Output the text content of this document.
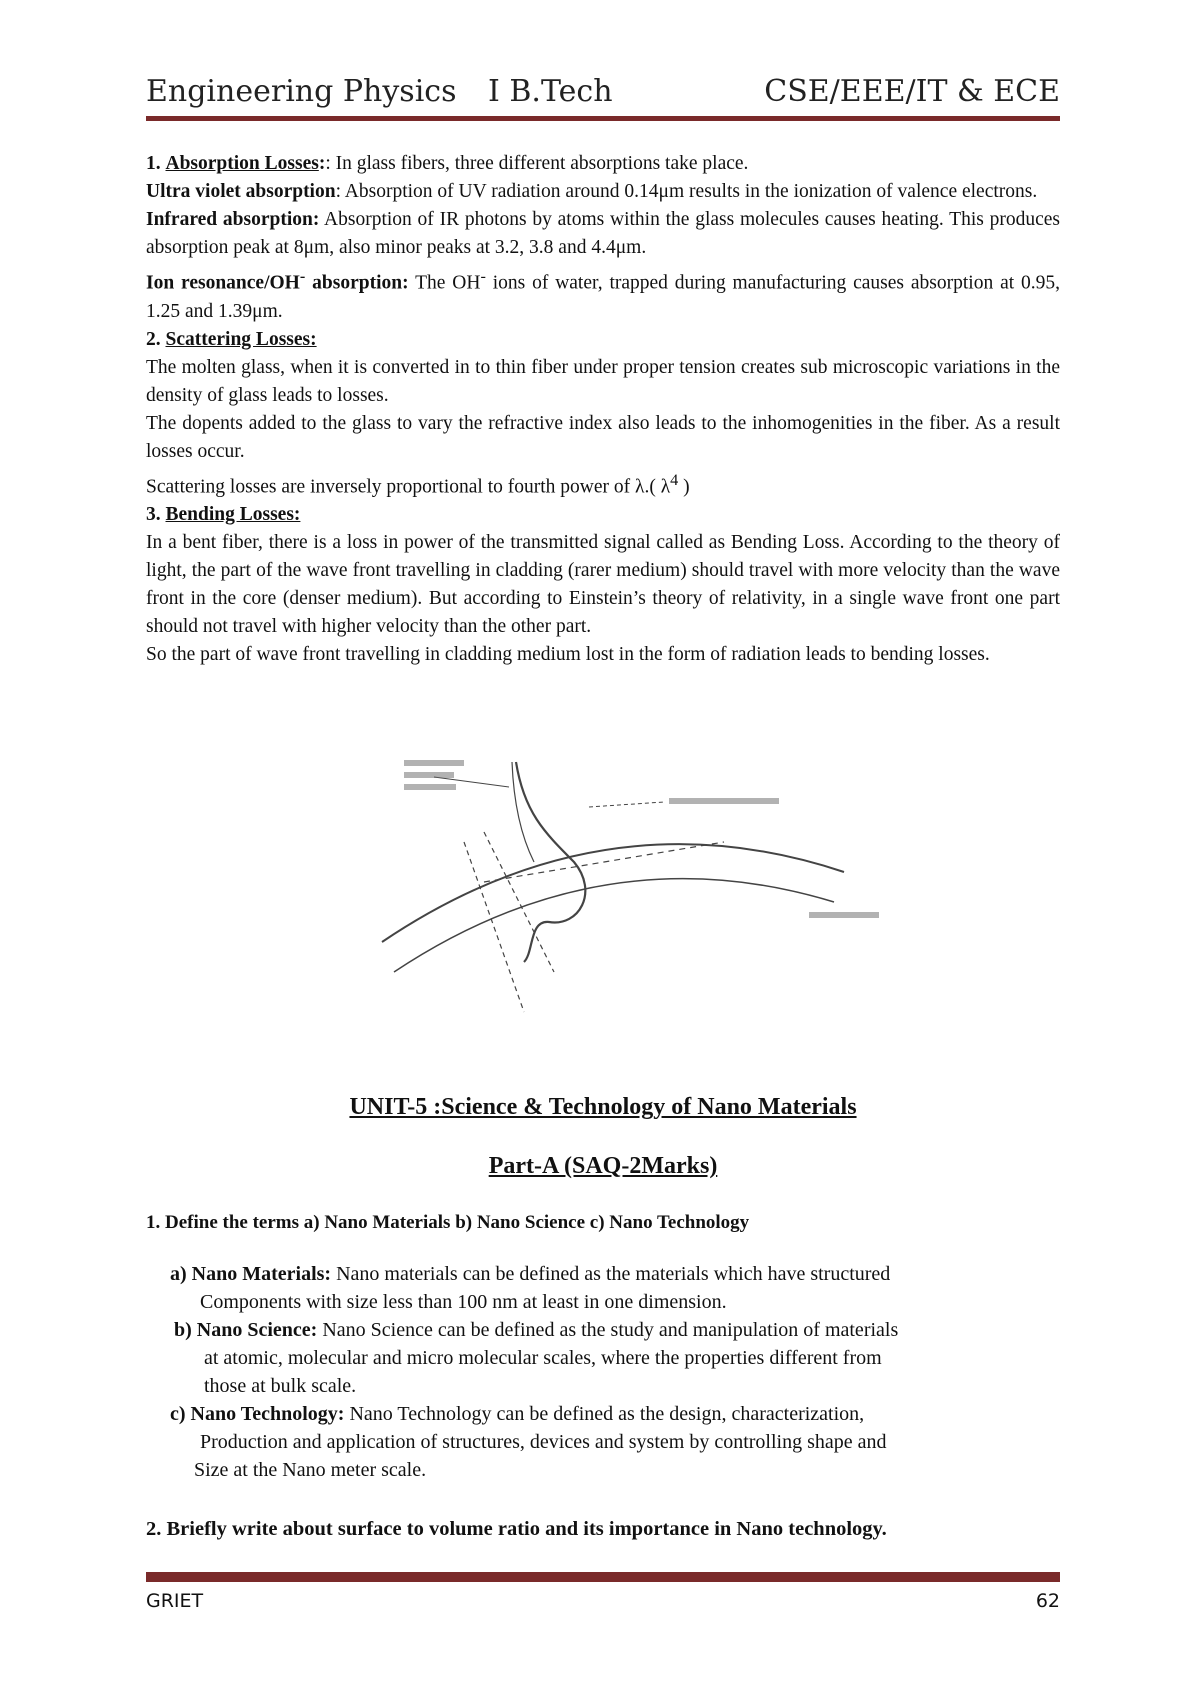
Engineering Physics I B.Tech	CSE/EEE/IT & ECE

1. Absorption Losses:: In glass fibers, three different absorptions take place.

Ultra violet absorption: Absorption of UV radiation around 0.14μm results in the ionization of valence electrons.

Infrared absorption: Absorption of IR photons by atoms within the glass molecules causes heating. This produces absorption peak at 8μm, also minor peaks at 3.2, 3.8 and 4.4μm.

Ion resonance/OH- absorption: The OH- ions of water, trapped during manufacturing causes absorption at 0.95, 1.25 and 1.39μm.

2. Scattering Losses:

The molten glass, when it is converted in to thin fiber under proper tension creates sub microscopic variations in the density of glass leads to losses.

The dopents added to the glass to vary the refractive index also leads to the inhomogenities in the fiber. As a result losses occur.

Scattering losses are inversely proportional to fourth power of λ.( $\lambda^4$ )

3. Bending Losses:

In a bent fiber, there is a loss in power of the transmitted signal called as Bending Loss. According to the theory of light, the part of the wave front travelling in cladding (rarer medium) should travel with more velocity than the wave front in the core (denser medium). But according to Einstein’s theory of relativity, in a single wave front one part should not travel with higher velocity than the other part.

So the part of wave front travelling in cladding medium lost in the form of radiation leads to bending losses.

UNIT-5 :Science & Technology of Nano Materials
Part-A (SAQ-2Marks)
1. Define the terms a) Nano Materials b) Nano Science c) Nano Technology

a) Nano Materials: Nano materials can be defined as the materials which have structured
Components with size less than 100 nm at least in one dimension.

b) Nano Science: Nano Science can be defined as the study and manipulation of materials
at atomic, molecular and micro molecular scales, where the properties different from
those at bulk scale.

c) Nano Technology: Nano Technology can be defined as the design, characterization,
Production and application of structures, devices and system by controlling shape and
Size at the Nano meter scale.

2. Briefly write about surface to volume ratio and its importance in Nano technology.
GRIET	62
